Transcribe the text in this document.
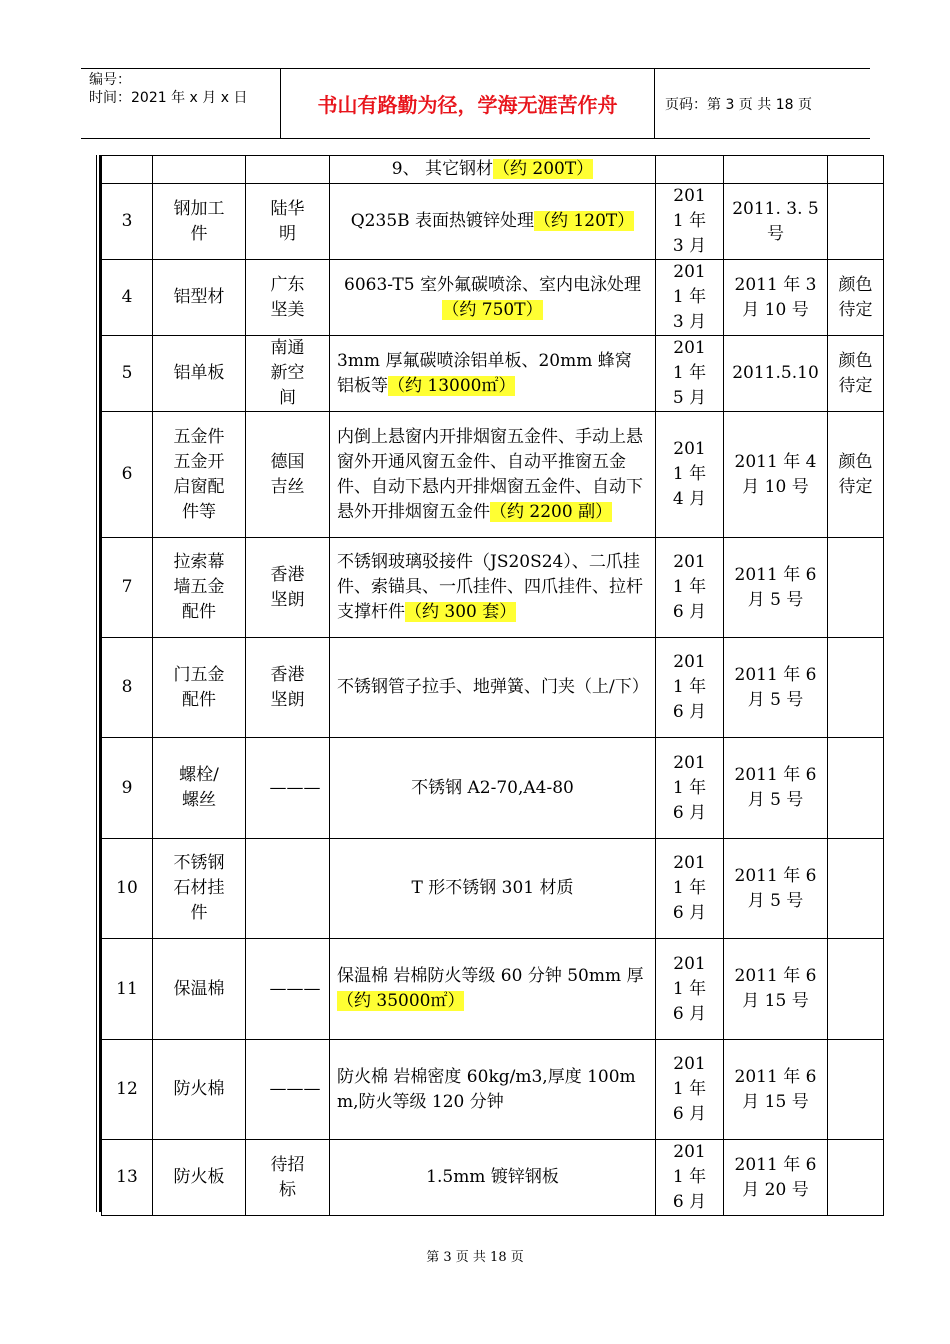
编号：
时间：2021 年 x 月 x 日	书山有路勤为径，学海无涯苦作舟	页码：第 3 页 共 18 页
			9、 其它钢材（约 200T）			
3	钢加工件	陆华明	Q235B 表面热镀锌处理（约 120T）	2011 年 3 月	2011. 3. 5 号	
4	铝型材	广东坚美	6063-T5 室外氟碳喷涂、室内电泳处理（约 750T）	2011 年 3 月	2011 年 3 月 10 号	颜色待定
5	铝单板	南通新空间	3mm 厚氟碳喷涂铝单板、20mm 蜂窝铝板等（约 13000㎡）	2011 年 5 月	2011.5.10	颜色待定
6	五金件五金开启窗配件等	德国吉丝	内倒上悬窗内开排烟窗五金件、手动上悬窗外开通风窗五金件、自动平推窗五金件、自动下悬内开排烟窗五金件、自动下悬外开排烟窗五金件（约 2200 副）	2011 年 4 月	2011 年 4 月 10 号	颜色待定
7	拉索幕墙五金配件	香港坚朗	不锈钢玻璃驳接件（JS20S24）、二爪挂件、索锚具、一爪挂件、四爪挂件、拉杆支撑杆件（约 300 套）	2011 年 6 月	2011 年 6 月 5 号	
8	门五金配件	香港坚朗	不锈钢管子拉手、地弹簧、门夹（上/下）	2011 年 6 月	2011 年 6 月 5 号	
9	螺栓/螺丝	———	不锈钢 A2-70,A4-80	2011 年 6 月	2011 年 6 月 5 号	
10	不锈钢石材挂件		T 形不锈钢 301 材质	2011 年 6 月	2011 年 6 月 5 号	
11	保温棉	———	保温棉 岩棉防火等级 60 分钟 50mm 厚（约 35000㎡）	2011 年 6 月	2011 年 6 月 15 号	
12	防火棉	———	防火棉 岩棉密度 60kg/m3,厚度 100mm,防火等级 120 分钟	2011 年 6 月	2011 年 6 月 15 号	
13	防火板	待招标	1.5mm 镀锌钢板	2011 年 6 月	2011 年 6 月 20 号	
第 3 页 共 18 页
